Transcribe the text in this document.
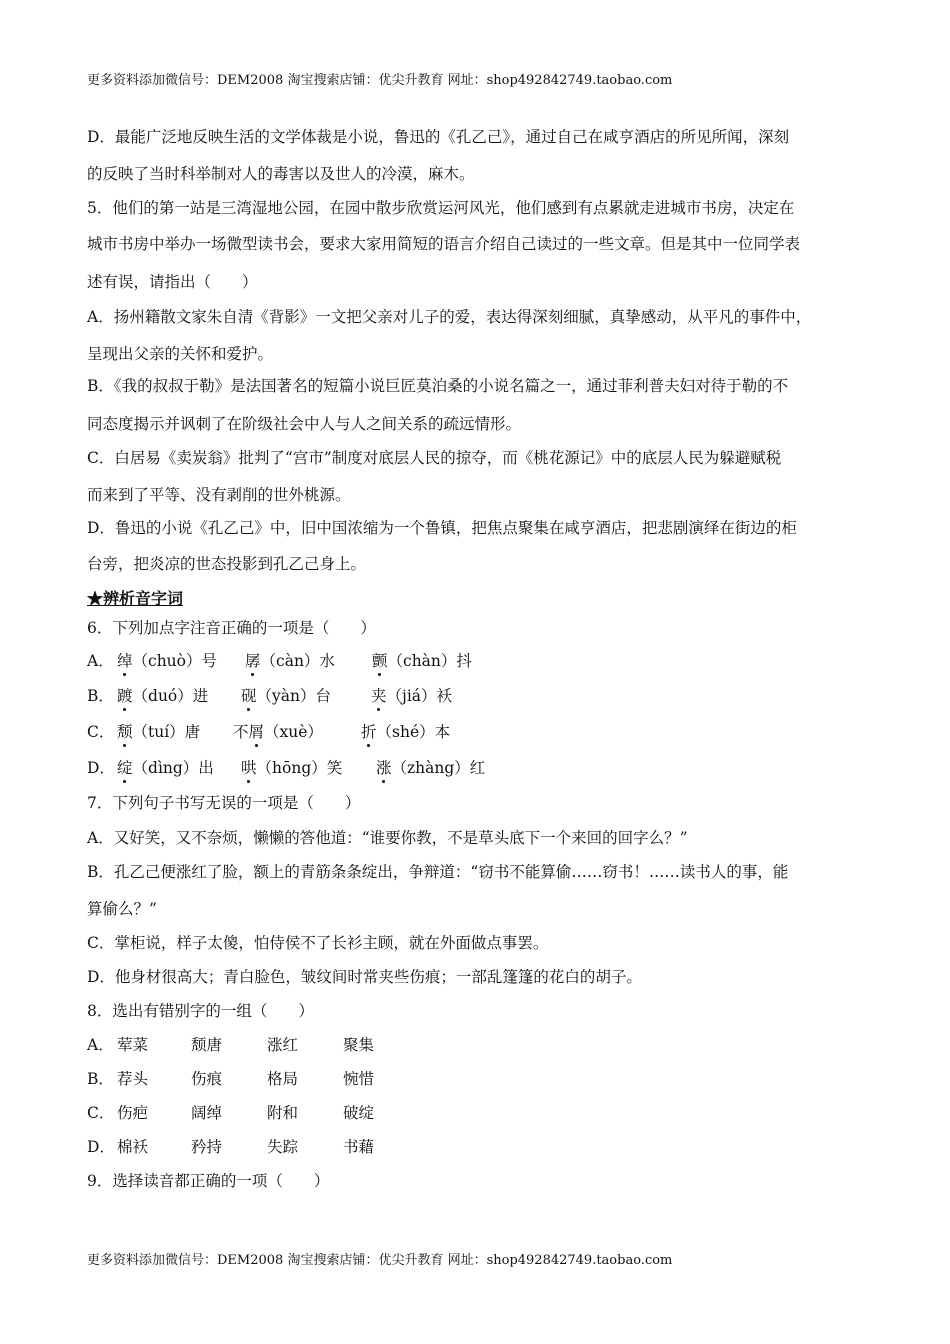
更多资料添加微信号：DEM2008 淘宝搜索店铺：优尖升教育 网址：shop492842749.taobao.com
D．最能广泛地反映生活的文学体裁是小说，鲁迅的《孔乙己》，通过自己在咸亨酒店的所见所闻，深刻
的反映了当时科举制对人的毒害以及世人的冷漠，麻木。
5．他们的第一站是三湾湿地公园，在园中散步欣赏运河风光，他们感到有点累就走进城市书房，决定在
城市书房中举办一场微型读书会，要求大家用简短的语言介绍自己读过的一些文章。但是其中一位同学表
述有误，请指出（　　）
A．扬州籍散文家朱自清《背影》一文把父亲对儿子的爱，表达得深刻细腻，真挚感动，从平凡的事件中，
呈现出父亲的关怀和爱护。
B．《我的叔叔于勒》是法国著名的短篇小说巨匠莫泊桑的小说名篇之一，通过菲利普夫妇对待于勒的不
同态度揭示并讽刺了在阶级社会中人与人之间关系的疏远情形。
C．白居易《卖炭翁》批判了“宫市”制度对底层人民的掠夺，而《桃花源记》中的底层人民为躲避赋税
而来到了平等、没有剥削的世外桃源。
D．鲁迅的小说《孔乙己》中，旧中国浓缩为一个鲁镇，把焦点聚集在咸亨酒店，把悲剧演绎在街边的柜
台旁，把炎凉的世态投影到孔乙己身上。
★辨析音字词
6．下列加点字注音正确的一项是（　　）
A． 绰（chuò）号 孱（càn）水 颤（chàn）抖
B． 踱（duó）进 砚（yàn）台	夹（jiá）袄
C． 颓（tuí）唐 不屑（xuè） 折（shé）本
D． 绽（dìng）出 哄（hōng）笑 涨（zhàng）红
7．下列句子书写无误的一项是（　　）
A．又好笑，又不奈烦，懒懒的答他道：“谁要你教，不是草头底下一个来回的回字么？”
B．孔乙己便涨红了脸，额上的青筋条条绽出，争辩道：“窃书不能算偷……窃书！……读书人的事，能
算偷么？”
C．掌柜说，样子太傻，怕侍侯不了长衫主顾，就在外面做点事罢。
D．他身材很高大；青白脸色，皱纹间时常夹些伤痕；一部乱篷篷的花白的胡子。
8．选出有错别字的一组（　　）
A． 荤菜	颓唐	涨红	聚集
B． 荐头	伤痕	格局	惋惜
C． 伤疤	阔绰	附和	破绽
D． 棉袄	矜持	失踪	书藉
9．选择读音都正确的一项（　　）
更多资料添加微信号：DEM2008 淘宝搜索店铺：优尖升教育 网址：shop492842749.taobao.com
